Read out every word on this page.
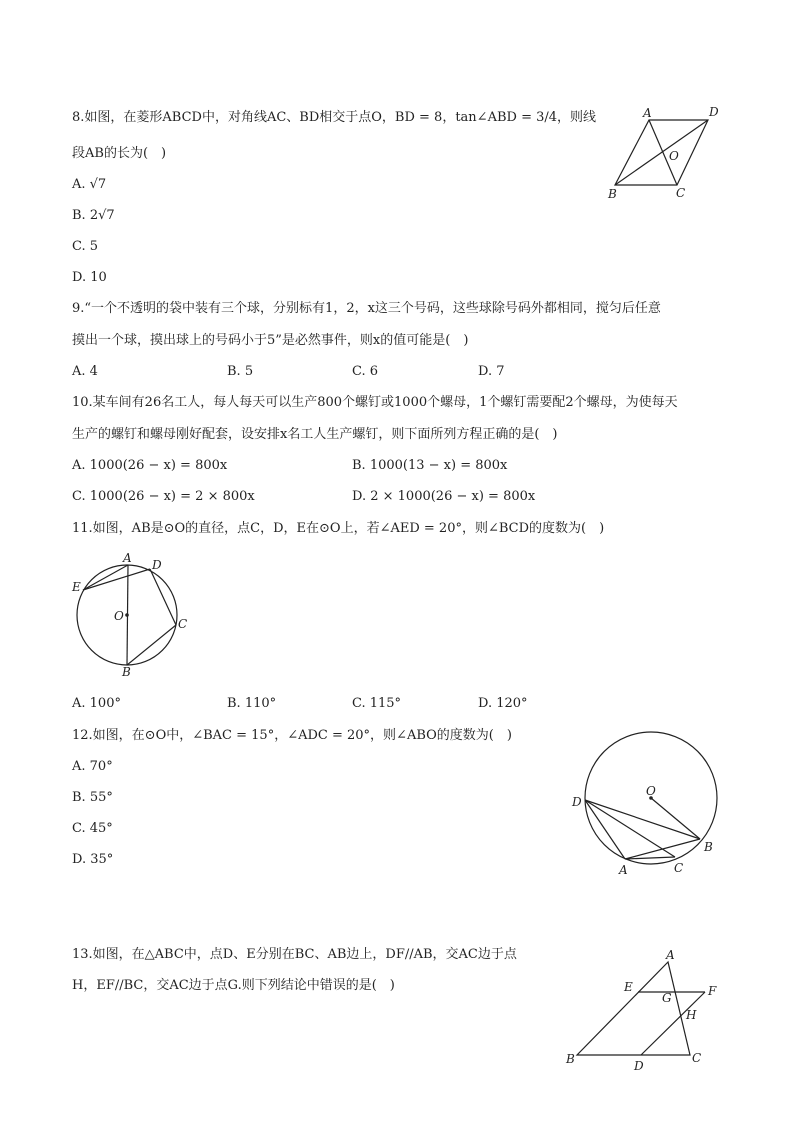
8.如图，在菱形ABCD中，对角线AC、BD相交于点O，BD = 8，tan∠ABD = 3/4，则线
段AB的长为(　)
A. √7
B. 2√7
C. 5
D. 10
A	D
O
B	C
9.“一个不透明的袋中装有三个球，分别标有1，2，x这三个号码，这些球除号码外都相同，搅匀后任意
摸出一个球，摸出球上的号码小于5”是必然事件，则x的值可能是(　)
A. 4	B. 5	C. 6	D. 7
10.某车间有26名工人，每人每天可以生产800个螺钉或1000个螺母，1个螺钉需要配2个螺母，为使每天
生产的螺钉和螺母刚好配套，设安排x名工人生产螺钉，则下面所列方程正确的是(　)
A. 1000(26 − x) = 800x	B. 1000(13 − x) = 800x
C. 1000(26 − x) = 2 × 800x	D. 2 × 1000(26 − x) = 800x
11.如图，AB是⊙O的直径，点C，D，E在⊙O上，若∠AED = 20°，则∠BCD的度数为(　)
A D
E
O
C
B
A. 100°	B. 110°	C. 115°	D. 120°
12.如图，在⊙O中，∠BAC = 15°，∠ADC = 20°，则∠ABO的度数为(　)
A. 70°
B. 55°
C. 45°
D. 35°
O
D
B
A	C
13.如图，在△ABC中，点D、E分别在BC、AB边上，DF//AB，交AC边于点
H，EF//BC，交AC边于点G.则下列结论中错误的是(　)
A
E
G	F
H
B	D
C
